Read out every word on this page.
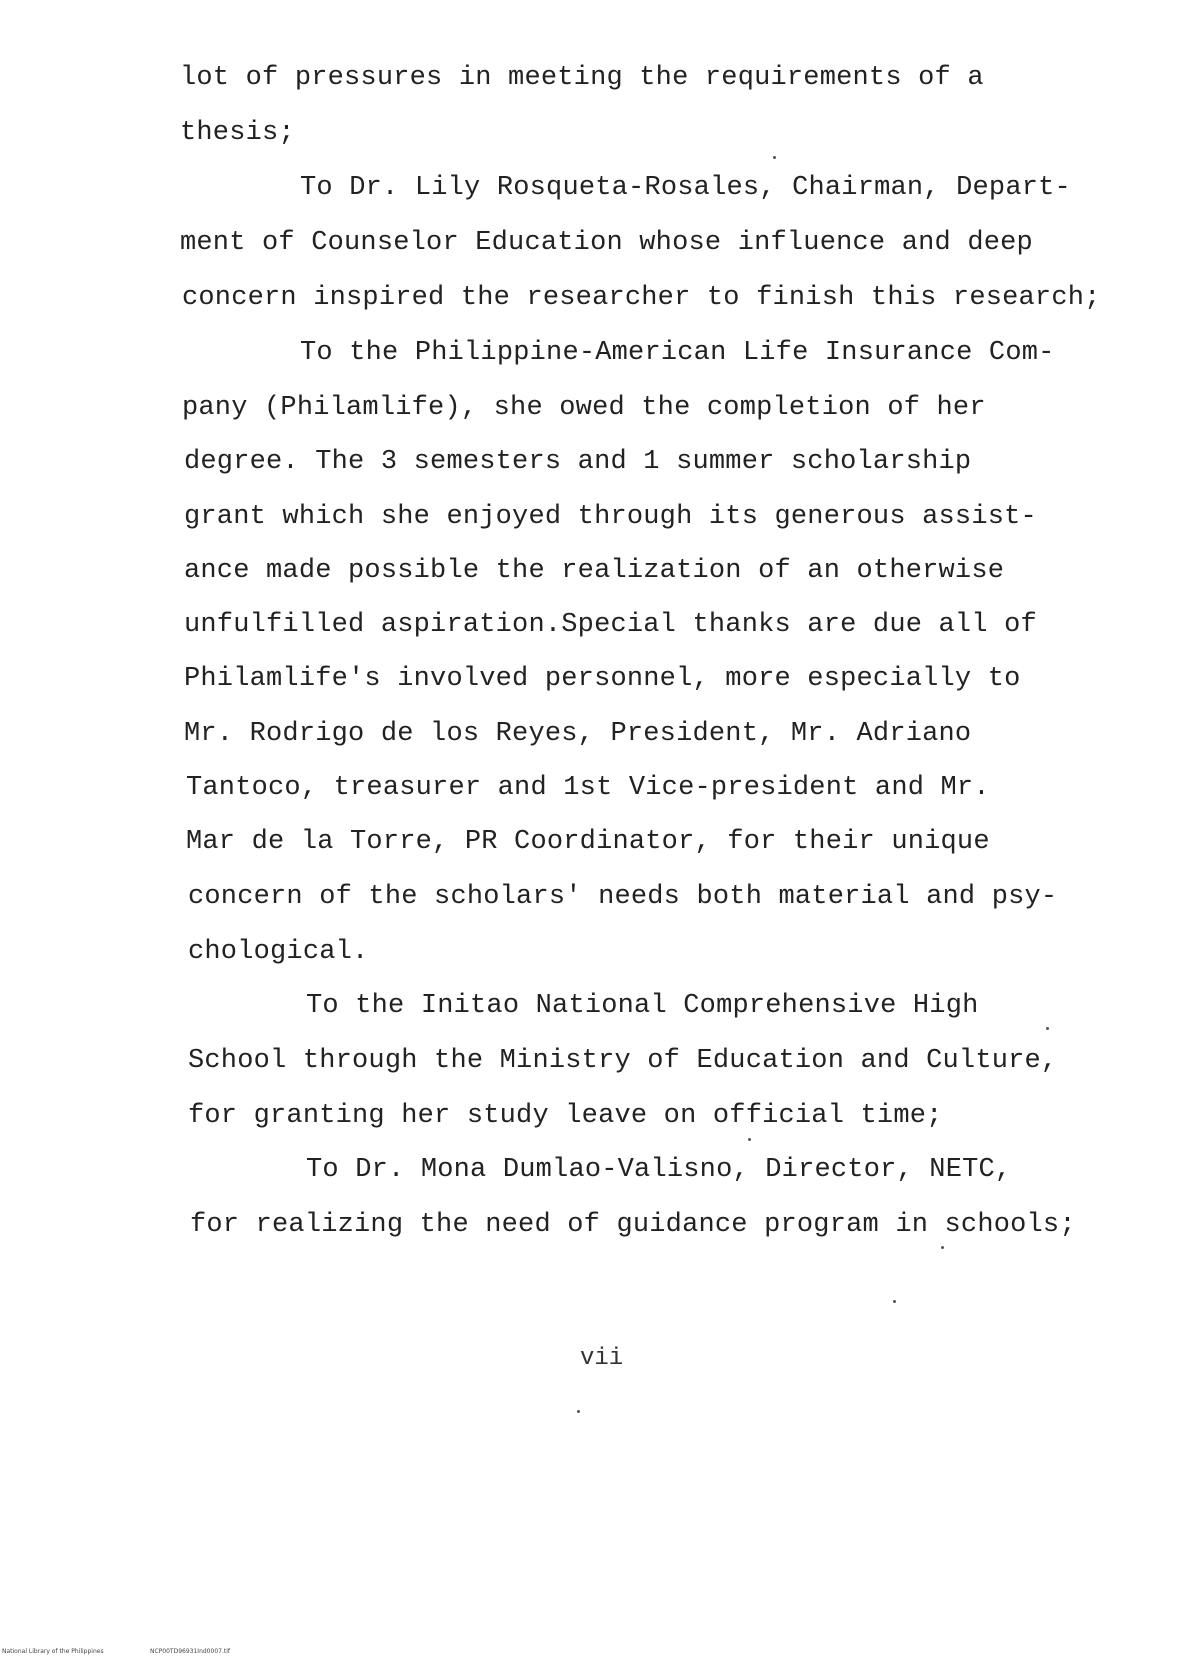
lot of pressures in meeting the requirements of a
thesis;
To Dr. Lily Rosqueta-Rosales, Chairman, Depart-
ment of Counselor Education whose influence and deep
concern inspired the researcher to finish this research;
To the Philippine-American Life Insurance Com-
pany (Philamlife), she owed the completion of her
degree. The 3 semesters and 1 summer scholarship
grant which she enjoyed through its generous assist-
ance made possible the realization of an otherwise
unfulfilled aspiration.Special thanks are due all of
Philamlife's involved personnel, more especially to
Mr. Rodrigo de los Reyes, President, Mr. Adriano
Tantoco, treasurer and 1st Vice-president and Mr.
Mar de la Torre, PR Coordinator, for their unique
concern of the scholars' needs both material and psy-
chological.
To the Initao National Comprehensive High
School through the Ministry of Education and Culture,
for granting her study leave on official time;
To Dr. Mona Dumlao-Valisno, Director, NETC,
for realizing the need of guidance program in schools;
vii
National Library of the Philippines	NCP00TD96931Ind0007.tif
